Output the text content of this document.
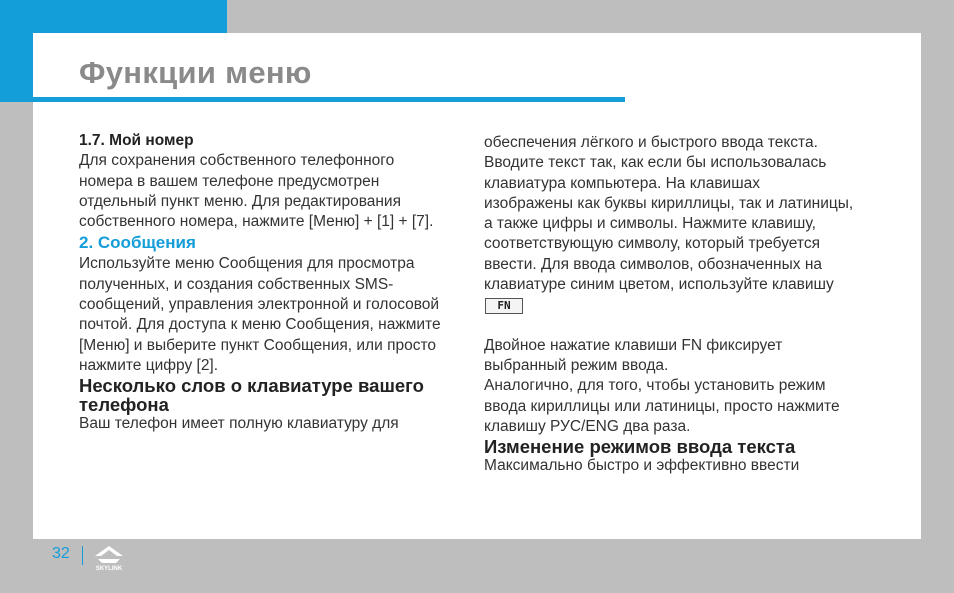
Функции меню

1.7. Мой номер

Для сохранения собственного телефонного

номера в вашем телефоне предусмотрен

отдельный пункт меню. Для редактирования

собственного номера, нажмите [Меню] + [1] + [7].

2. Сообщения

Используйте меню Сообщения для просмотра

полученных, и создания собственных SMS-

сообщений, управления электронной и голосовой

почтой. Для доступа к меню Сообщения, нажмите

[Меню] и выберите пункт Сообщения, или просто

нажмите цифру [2].

Несколько слов о клавиатуре вашего
телефона

Ваш телефон имеет полную клавиатуру для

обеспечения лёгкого и быстрого ввода текста.

Вводите текст так, как если бы использовалась

клавиатура компьютера. На клавишах

изображены как буквы кириллицы, так и латиницы,

а также цифры и символы. Нажмите клавишу,

соответствующую символу, который требуется

ввести. Для ввода символов, обозначенных на

клавиатуре синим цветом, используйте клавишу

FN

Двойное нажатие клавиши FN фиксирует

выбранный режим ввода.

Аналогично, для того, чтобы установить режим

ввода кириллицы или латиницы, просто нажмите

клавишу РУС/ENG два раза.

Изменение режимов ввода текста

Максимально быстро и эффективно ввести

32
SKYLINK
